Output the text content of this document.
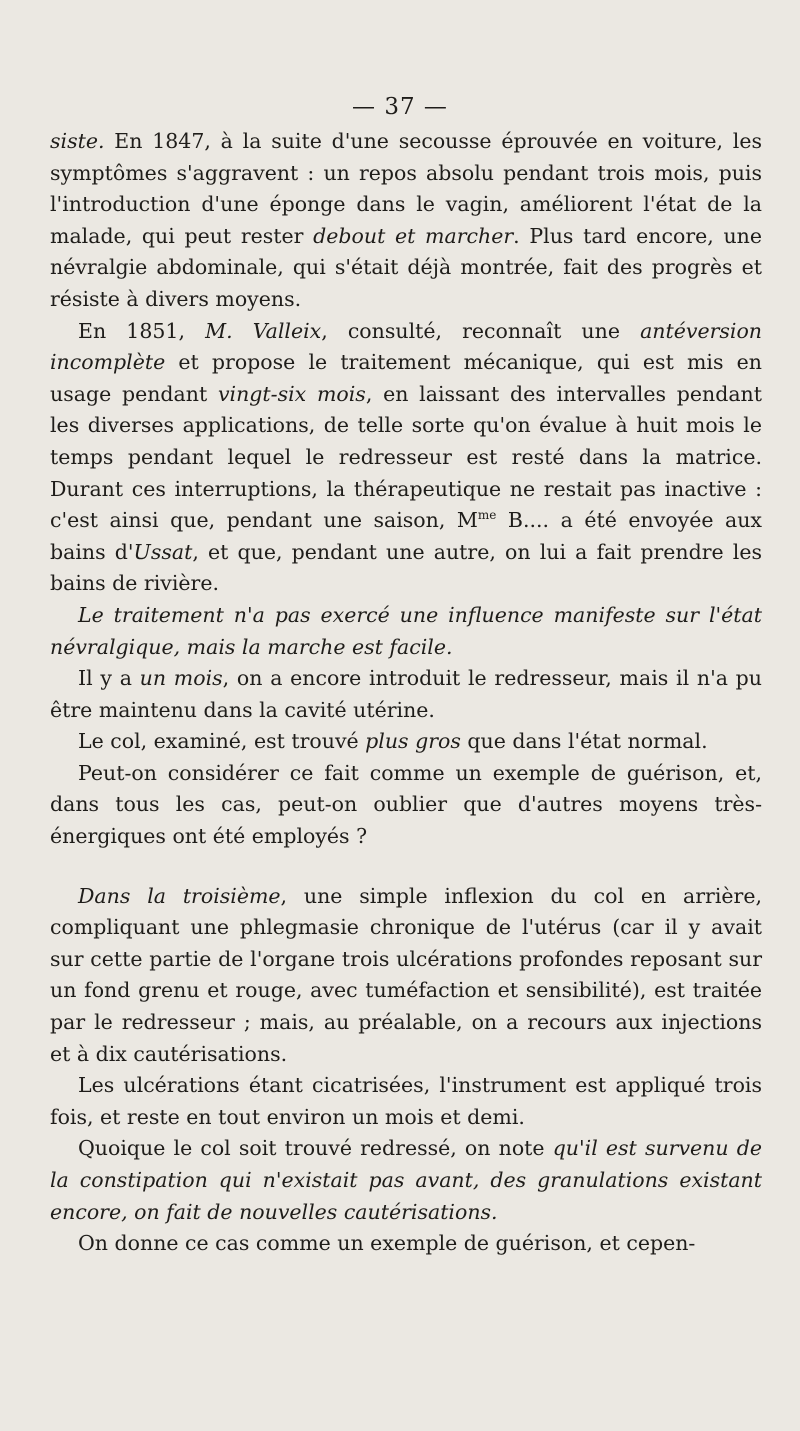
— 37 —

siste. En 1847, à la suite d'une secousse éprouvée en voiture, les symptômes s'aggravent : un repos absolu pendant trois mois, puis l'introduction d'une éponge dans le vagin, améliorent l'état de la malade, qui peut rester debout et marcher. Plus tard encore, une névralgie abdominale, qui s'était déjà montrée, fait des progrès et résiste à divers moyens.

En 1851, M. Valleix, consulté, reconnaît une antéversion incomplète et propose le traitement mécanique, qui est mis en usage pendant vingt-six mois, en laissant des intervalles pendant les diverses applications, de telle sorte qu'on évalue à huit mois le temps pendant lequel le redresseur est resté dans la matrice. Durant ces interruptions, la thérapeutique ne restait pas inactive : c'est ainsi que, pendant une saison, $M^{me}$ B.... a été envoyée aux bains d'Ussat, et que, pendant une autre, on lui a fait prendre les bains de rivière.

Le traitement n'a pas exercé une influence manifeste sur l'état névralgique, mais la marche est facile.

Il y a un mois, on a encore introduit le redresseur, mais il n'a pu être maintenu dans la cavité utérine.

Le col, examiné, est trouvé plus gros que dans l'état normal.

Peut-on considérer ce fait comme un exemple de guérison, et, dans tous les cas, peut-on oublier que d'autres moyens très-énergiques ont été employés ?

Dans la troisième, une simple inflexion du col en arrière, compliquant une phlegmasie chronique de l'utérus (car il y avait sur cette partie de l'organe trois ulcérations profondes reposant sur un fond grenu et rouge, avec tuméfaction et sensibilité), est traitée par le redresseur ; mais, au préalable, on a recours aux injections et à dix cautérisations.

Les ulcérations étant cicatrisées, l'instrument est appliqué trois fois, et reste en tout environ un mois et demi.

Quoique le col soit trouvé redressé, on note qu'il est survenu de la constipation qui n'existait pas avant, des granulations existant encore, on fait de nouvelles cautérisations.

On donne ce cas comme un exemple de guérison, et cepen-
